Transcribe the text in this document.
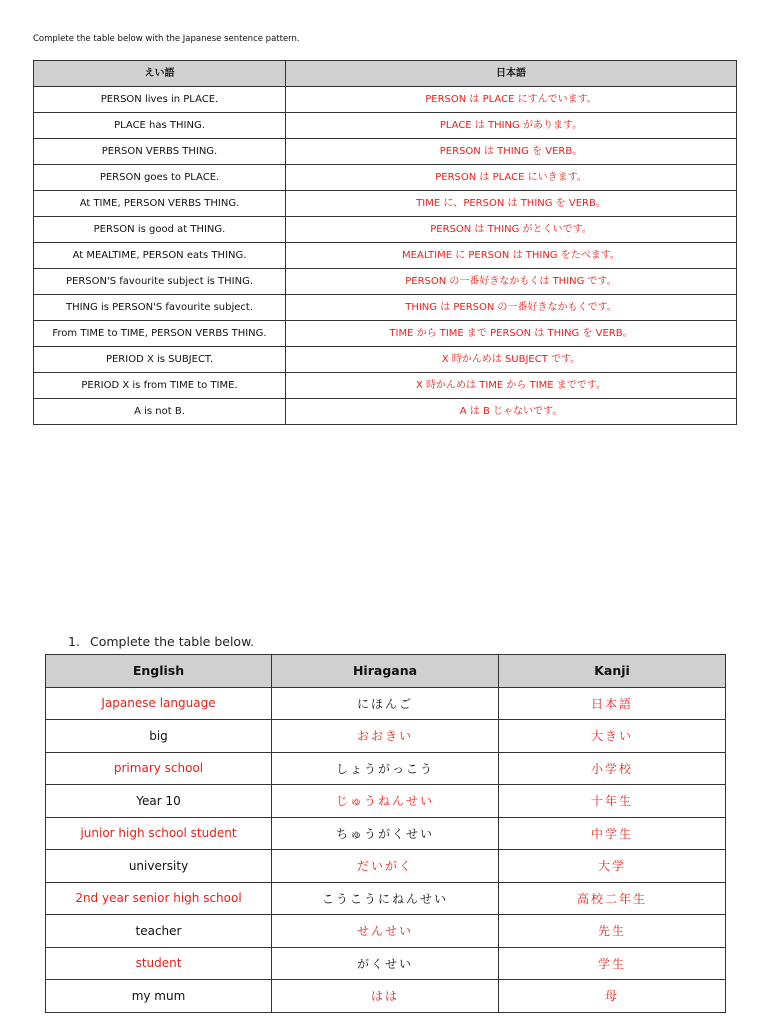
Complete the table below with the Japanese sentence pattern.
えい語	日本語
PERSON lives in PLACE.	PERSON は PLACE にすんでいます。
PLACE has THING.	PLACE は THING があります。
PERSON VERBS THING.	PERSON は THING を VERB。
PERSON goes to PLACE.	PERSON は PLACE にいきます。
At TIME, PERSON VERBS THING.	TIME に、PERSON は THING を VERB。
PERSON is good at THING.	PERSON は THING がとくいです。
At MEALTIME, PERSON eats THING.	MEALTIME に PERSON は THING をたべます。
PERSON'S favourite subject is THING.	PERSON の一番好きなかもくは THING です。
THING is PERSON'S favourite subject.	THING は PERSON の一番好きなかもくです。
From TIME to TIME, PERSON VERBS THING.	TIME から TIME まで PERSON は THING を VERB。
PERIOD X is SUBJECT.	X 時かんめは SUBJECT です。
PERIOD X is from TIME to TIME.	X 時かんめは TIME から TIME までです。
A is not B.	A は B じゃないです。
1. Complete the table below.
English	Hiragana	Kanji
Japanese language	にほんご	日本語
big	おおきい	大きい
primary school	しょうがっこう	小学校
Year 10	じゅうねんせい	十年生
junior high school student	ちゅうがくせい	中学生
university	だいがく	大学
2nd year senior high school	こうこうにねんせい	高校二年生
teacher	せんせい	先生
student	がくせい	学生
my mum	はは	母
